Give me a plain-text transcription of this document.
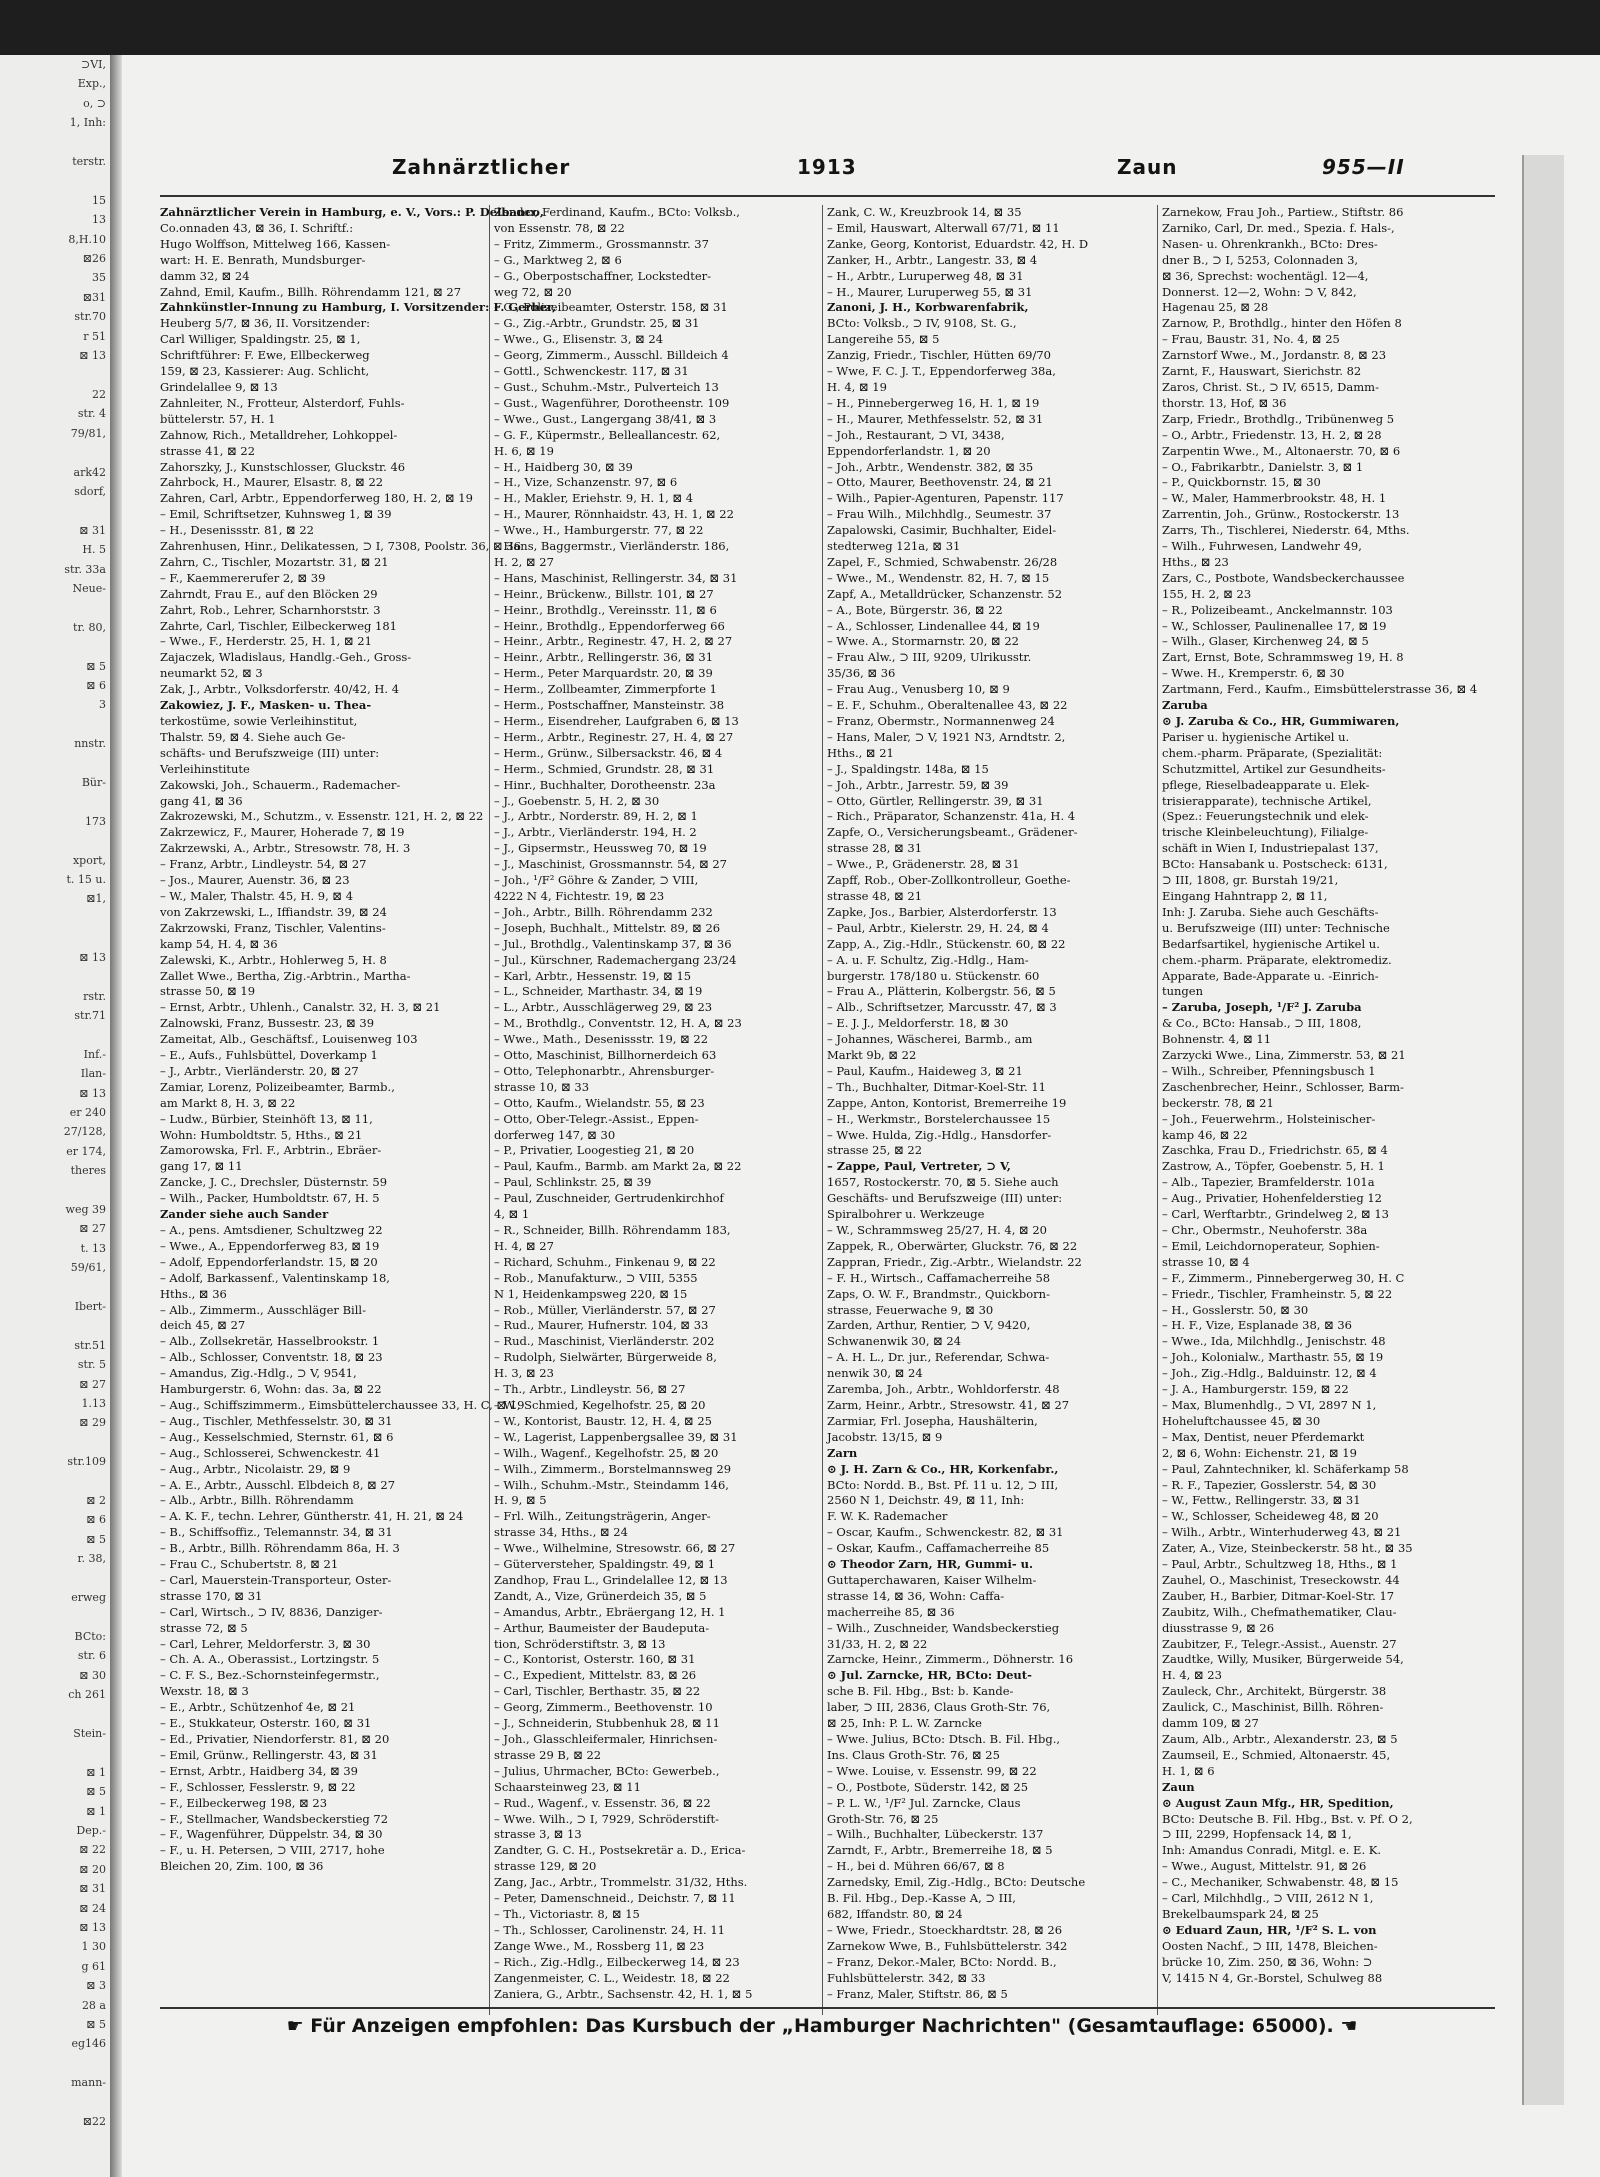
⊃VI,
Exp.,
o, ⊃
1, Inh:

terstr.

15
13
8,H.10
⊠26
35
⊠31
str.70
r 51
⊠ 13

22
str. 4
79/81,

ark42
sdorf,

⊠ 31
H. 5
str. 33a
Neue-

tr. 80,

⊠ 5
⊠ 6
3

nnstr.

Bür-

173

xport,
t. 15 u.
⊠1,

⊠ 13

rstr.
str.71

Inf.-
Ilan-
⊠ 13
er 240
27/128,
er 174,
theres

weg 39
⊠ 27
t. 13
59/61,

Ibert-

str.51
str. 5
⊠ 27
1.13
⊠ 29

str.109

⊠ 2
⊠ 6
⊠ 5
r. 38,

erweg

BCto:
str. 6
⊠ 30
ch 261

Stein-

⊠ 1
⊠ 5
⊠ 1
Dep.-
⊠ 22
⊠ 20
⊠ 31
⊠ 24
⊠ 13
1 30
g 61
⊠ 3
28 a
⊠ 5
eg146

mann-

⊠22
Zahnärztlicher	1913	Zaun	955—II

Zahnärztlicher Verein in Hamburg, e. V., Vors.: P. Delbanco,

Co.onnaden 43, ⊠ 36, I. Schriftf.:

Hugo Wolffson, Mittelweg 166, Kassen-

wart: H. E. Benrath, Mundsburger-

damm 32, ⊠ 24

Zahnd, Emil, Kaufm., Billh. Röhrendamm 121, ⊠ 27

Zahnkünstler-Innung zu Hamburg, I. Vorsitzender: F. Gerber,

Heuberg 5/7, ⊠ 36, II. Vorsitzender:

Carl Williger, Spaldingstr. 25, ⊠ 1,

Schriftführer: F. Ewe, Ellbeckerweg

159, ⊠ 23, Kassierer: Aug. Schlicht,

Grindelallee 9, ⊠ 13

Zahnleiter, N., Frotteur, Alsterdorf, Fuhls-

büttelerstr. 57, H. 1

Zahnow, Rich., Metalldreher, Lohkoppel-

strasse 41, ⊠ 22

Zahorszky, J., Kunstschlosser, Gluckstr. 46

Zahrbock, H., Maurer, Elsastr. 8, ⊠ 22

Zahren, Carl, Arbtr., Eppendorferweg 180, H. 2, ⊠ 19

– Emil, Schriftsetzer, Kuhnsweg 1, ⊠ 39

– H., Desenissstr. 81, ⊠ 22

Zahrenhusen, Hinr., Delikatessen, ⊃ I, 7308, Poolstr. 36, ⊠ 36

Zahrn, C., Tischler, Mozartstr. 31, ⊠ 21

– F., Kaemmererufer 2, ⊠ 39

Zahrndt, Frau E., auf den Blöcken 29

Zahrt, Rob., Lehrer, Scharnhorststr. 3

Zahrte, Carl, Tischler, Eilbeckerweg 181

– Wwe., F., Herderstr. 25, H. 1, ⊠ 21

Zajaczek, Wladislaus, Handlg.-Geh., Gross-

neumarkt 52, ⊠ 3

Zak, J., Arbtr., Volksdorferstr. 40/42, H. 4

Zakowiez, J. F., Masken- u. Thea-

terkostüme, sowie Verleihinstitut,

Thalstr. 59, ⊠ 4. Siehe auch Ge-

schäfts- und Berufszweige (III) unter:

Verleihinstitute

Zakowski, Joh., Schauerm., Rademacher-

gang 41, ⊠ 36

Zakrozewski, M., Schutzm., v. Essenstr. 121, H. 2, ⊠ 22

Zakrzewicz, F., Maurer, Hoherade 7, ⊠ 19

Zakrzewski, A., Arbtr., Stresowstr. 78, H. 3

– Franz, Arbtr., Lindleystr. 54, ⊠ 27

– Jos., Maurer, Auenstr. 36, ⊠ 23

– W., Maler, Thalstr. 45, H. 9, ⊠ 4

von Zakrzewski, L., Iffiandstr. 39, ⊠ 24

Zakrzowski, Franz, Tischler, Valentins-

kamp 54, H. 4, ⊠ 36

Zalewski, K., Arbtr., Hohlerweg 5, H. 8

Zallet Wwe., Bertha, Zig.-Arbtrin., Martha-

strasse 50, ⊠ 19

– Ernst, Arbtr., Uhlenh., Canalstr. 32, H. 3, ⊠ 21

Zalnowski, Franz, Bussestr. 23, ⊠ 39

Zameitat, Alb., Geschäftsf., Louisenweg 103

– E., Aufs., Fuhlsbüttel, Doverkamp 1

– J., Arbtr., Vierländerstr. 20, ⊠ 27

Zamiar, Lorenz, Polizeibeamter, Barmb.,

am Markt 8, H. 3, ⊠ 22

– Ludw., Bürbier, Steinhöft 13, ⊠ 11,

Wohn: Humboldtstr. 5, Hths., ⊠ 21

Zamorowska, Frl. F., Arbtrin., Ebräer-

gang 17, ⊠ 11

Zancke, J. C., Drechsler, Düsternstr. 59

– Wilh., Packer, Humboldtstr. 67, H. 5

Zander siehe auch Sander

– A., pens. Amtsdiener, Schultzweg 22

– Wwe., A., Eppendorferweg 83, ⊠ 19

– Adolf, Eppendorferlandstr. 15, ⊠ 20

– Adolf, Barkassenf., Valentinskamp 18,

Hths., ⊠ 36

– Alb., Zimmerm., Ausschläger Bill-

deich 45, ⊠ 27

– Alb., Zollsekretär, Hasselbrookstr. 1

– Alb., Schlosser, Conventstr. 18, ⊠ 23

– Amandus, Zig.-Hdlg., ⊃ V, 9541,

Hamburgerstr. 6, Wohn: das. 3a, ⊠ 22

– Aug., Schiffszimmerm., Eimsbüttelerchaussee 33, H. C, ⊠ 19

– Aug., Tischler, Methfesselstr. 30, ⊠ 31

– Aug., Kesselschmied, Sternstr. 61, ⊠ 6

– Aug., Schlosserei, Schwenckestr. 41

– Aug., Arbtr., Nicolaistr. 29, ⊠ 9

– A. E., Arbtr., Ausschl. Elbdeich 8, ⊠ 27

– Alb., Arbtr., Billh. Röhrendamm

– A. K. F., techn. Lehrer, Güntherstr. 41, H. 21, ⊠ 24

– B., Schiffsoffiz., Telemannstr. 34, ⊠ 31

– B., Arbtr., Billh. Röhrendamm 86a, H. 3

– Frau C., Schubertstr. 8, ⊠ 21

– Carl, Mauerstein-Transporteur, Oster-

strasse 170, ⊠ 31

– Carl, Wirtsch., ⊃ IV, 8836, Danziger-

strasse 72, ⊠ 5

– Carl, Lehrer, Meldorferstr. 3, ⊠ 30

– Ch. A. A., Oberassist., Lortzingstr. 5

– C. F. S., Bez.-Schornsteinfegermstr.,

Wexstr. 18, ⊠ 3

– E., Arbtr., Schützenhof 4e, ⊠ 21

– E., Stukkateur, Osterstr. 160, ⊠ 31

– Ed., Privatier, Niendorferstr. 81, ⊠ 20

– Emil, Grünw., Rellingerstr. 43, ⊠ 31

– Ernst, Arbtr., Haidberg 34, ⊠ 39

– F., Schlosser, Fesslerstr. 9, ⊠ 22

– F., Eilbeckerweg 198, ⊠ 23

– F., Stellmacher, Wandsbeckerstieg 72

– F., Wagenführer, Düppelstr. 34, ⊠ 30

– F., u. H. Petersen, ⊃ VIII, 2717, hohe

Bleichen 20, Zim. 100, ⊠ 36

Zander, Ferdinand, Kaufm., BCto: Volksb.,

von Essenstr. 78, ⊠ 22

– Fritz, Zimmerm., Grossmannstr. 37

– G., Marktweg 2, ⊠ 6

– G., Oberpostschaffner, Lockstedter-

weg 72, ⊠ 20

– G., Polizeibeamter, Osterstr. 158, ⊠ 31

– G., Zig.-Arbtr., Grundstr. 25, ⊠ 31

– Wwe., G., Elisenstr. 3, ⊠ 24

– Georg, Zimmerm., Ausschl. Billdeich 4

– Gottl., Schwenckestr. 117, ⊠ 31

– Gust., Schuhm.-Mstr., Pulverteich 13

– Gust., Wagenführer, Dorotheenstr. 109

– Wwe., Gust., Langergang 38/41, ⊠ 3

– G. F., Küpermstr., Belleallancestr. 62,

H. 6, ⊠ 19

– H., Haidberg 30, ⊠ 39

– H., Vize, Schanzenstr. 97, ⊠ 6

– H., Makler, Eriehstr. 9, H. 1, ⊠ 4

– H., Maurer, Rönnhaidstr. 43, H. 1, ⊠ 22

– Wwe., H., Hamburgerstr. 77, ⊠ 22

– Hans, Baggermstr., Vierländerstr. 186,

H. 2, ⊠ 27

– Hans, Maschinist, Rellingerstr. 34, ⊠ 31

– Heinr., Brückenw., Billstr. 101, ⊠ 27

– Heinr., Brothdlg., Vereinsstr. 11, ⊠ 6

– Heinr., Brothdlg., Eppendorferweg 66

– Heinr., Arbtr., Reginestr. 47, H. 2, ⊠ 27

– Heinr., Arbtr., Rellingerstr. 36, ⊠ 31

– Herm., Peter Marquardstr. 20, ⊠ 39

– Herm., Zollbeamter, Zimmerpforte 1

– Herm., Postschaffner, Mansteinstr. 38

– Herm., Eisendreher, Laufgraben 6, ⊠ 13

– Herm., Arbtr., Reginestr. 27, H. 4, ⊠ 27

– Herm., Grünw., Silbersackstr. 46, ⊠ 4

– Herm., Schmied, Grundstr. 28, ⊠ 31

– Hinr., Buchhalter, Dorotheenstr. 23a

– J., Goebenstr. 5, H. 2, ⊠ 30

– J., Arbtr., Norderstr. 89, H. 2, ⊠ 1

– J., Arbtr., Vierländerstr. 194, H. 2

– J., Gipsermstr., Heussweg 70, ⊠ 19

– J., Maschinist, Grossmannstr. 54, ⊠ 27

– Joh., ¹/F² Göhre & Zander, ⊃ VIII,

4222 N 4, Fichtestr. 19, ⊠ 23

– Joh., Arbtr., Billh. Röhrendamm 232

– Joseph, Buchhalt., Mittelstr. 89, ⊠ 26

– Jul., Brothdlg., Valentinskamp 37, ⊠ 36

– Jul., Kürschner, Rademachergang 23/24

– Karl, Arbtr., Hessenstr. 19, ⊠ 15

– L., Schneider, Marthastr. 34, ⊠ 19

– L., Arbtr., Ausschlägerweg 29, ⊠ 23

– M., Brothdlg., Conventstr. 12, H. A, ⊠ 23

– Wwe., Math., Desenissstr. 19, ⊠ 22

– Otto, Maschinist, Billhornerdeich 63

– Otto, Telephonarbtr., Ahrensburger-

strasse 10, ⊠ 33

– Otto, Kaufm., Wielandstr. 55, ⊠ 23

– Otto, Ober-Telegr.-Assist., Eppen-

dorferweg 147, ⊠ 30

– P., Privatier, Loogestieg 21, ⊠ 20

– Paul, Kaufm., Barmb. am Markt 2a, ⊠ 22

– Paul, Schlinkstr. 25, ⊠ 39

– Paul, Zuschneider, Gertrudenkirchhof

4, ⊠ 1

– R., Schneider, Billh. Röhrendamm 183,

H. 4, ⊠ 27

– Richard, Schuhm., Finkenau 9, ⊠ 22

– Rob., Manufakturw., ⊃ VIII, 5355

N 1, Heidenkampsweg 220, ⊠ 15

– Rob., Müller, Vierländerstr. 57, ⊠ 27

– Rud., Maurer, Hufnerstr. 104, ⊠ 33

– Rud., Maschinist, Vierländerstr. 202

– Rudolph, Sielwärter, Bürgerweide 8,

H. 3, ⊠ 23

– Th., Arbtr., Lindleystr. 56, ⊠ 27

– W., Schmied, Kegelhofstr. 25, ⊠ 20

– W., Kontorist, Baustr. 12, H. 4, ⊠ 25

– W., Lagerist, Lappenbergsallee 39, ⊠ 31

– Wilh., Wagenf., Kegelhofstr. 25, ⊠ 20

– Wilh., Zimmerm., Borstelmannsweg 29

– Wilh., Schuhm.-Mstr., Steindamm 146,

H. 9, ⊠ 5

– Frl. Wilh., Zeitungsträgerin, Anger-

strasse 34, Hths., ⊠ 24

– Wwe., Wilhelmine, Stresowstr. 66, ⊠ 27

– Güterversteher, Spaldingstr. 49, ⊠ 1

Zandhop, Frau L., Grindelallee 12, ⊠ 13

Zandt, A., Vize, Grünerdeich 35, ⊠ 5

– Amandus, Arbtr., Ebräergang 12, H. 1

– Arthur, Baumeister der Baudeputa-

tion, Schröderstiftstr. 3, ⊠ 13

– C., Kontorist, Osterstr. 160, ⊠ 31

– C., Expedient, Mittelstr. 83, ⊠ 26

– Carl, Tischler, Berthastr. 35, ⊠ 22

– Georg, Zimmerm., Beethovenstr. 10

– J., Schneiderin, Stubbenhuk 28, ⊠ 11

– Joh., Glasschleifermaler, Hinrichsen-

strasse 29 B, ⊠ 22

– Julius, Uhrmacher, BCto: Gewerbeb.,

Schaarsteinweg 23, ⊠ 11

– Rud., Wagenf., v. Essenstr. 36, ⊠ 22

– Wwe. Wilh., ⊃ I, 7929, Schröderstift-

strasse 3, ⊠ 13

Zandter, G. C. H., Postsekretär a. D., Erica-

strasse 129, ⊠ 20

Zang, Jac., Arbtr., Trommelstr. 31/32, Hths.

– Peter, Damenschneid., Deichstr. 7, ⊠ 11

– Th., Victoriastr. 8, ⊠ 15

– Th., Schlosser, Carolinenstr. 24, H. 11

Zange Wwe., M., Rossberg 11, ⊠ 23

– Rich., Zig.-Hdlg., Eilbeckerweg 14, ⊠ 23

Zangenmeister, C. L., Weidestr. 18, ⊠ 22

Zaniera, G., Arbtr., Sachsenstr. 42, H. 1, ⊠ 5

Zank, C. W., Kreuzbrook 14, ⊠ 35

– Emil, Hauswart, Alterwall 67/71, ⊠ 11

Zanke, Georg, Kontorist, Eduardstr. 42, H. D

Zanker, H., Arbtr., Langestr. 33, ⊠ 4

– H., Arbtr., Luruperweg 48, ⊠ 31

– H., Maurer, Luruperweg 55, ⊠ 31

Zanoni, J. H., Korbwarenfabrik,

BCto: Volksb., ⊃ IV, 9108, St. G.,

Langereihe 55, ⊠ 5

Zanzig, Friedr., Tischler, Hütten 69/70

– Wwe, F. C. J. T., Eppendorferweg 38a,

H. 4, ⊠ 19

– H., Pinnebergerweg 16, H. 1, ⊠ 19

– H., Maurer, Methfesselstr. 52, ⊠ 31

– Joh., Restaurant, ⊃ VI, 3438,

Eppendorferlandstr. 1, ⊠ 20

– Joh., Arbtr., Wendenstr. 382, ⊠ 35

– Otto, Maurer, Beethovenstr. 24, ⊠ 21

– Wilh., Papier-Agenturen, Papenstr. 117

– Frau Wilh., Milchhdlg., Seumestr. 37

Zapalowski, Casimir, Buchhalter, Eidel-

stedterweg 121a, ⊠ 31

Zapel, F., Schmied, Schwabenstr. 26/28

– Wwe., M., Wendenstr. 82, H. 7, ⊠ 15

Zapf, A., Metalldrücker, Schanzenstr. 52

– A., Bote, Bürgerstr. 36, ⊠ 22

– A., Schlosser, Lindenallee 44, ⊠ 19

– Wwe. A., Stormarnstr. 20, ⊠ 22

– Frau Alw., ⊃ III, 9209, Ulrikusstr.

35/36, ⊠ 36

– Frau Aug., Venusberg 10, ⊠ 9

– E. F., Schuhm., Oberaltenallee 43, ⊠ 22

– Franz, Obermstr., Normannenweg 24

– Hans, Maler, ⊃ V, 1921 N3, Arndtstr. 2,

Hths., ⊠ 21

– J., Spaldingstr. 148a, ⊠ 15

– Joh., Arbtr., Jarrestr. 59, ⊠ 39

– Otto, Gürtler, Rellingerstr. 39, ⊠ 31

– Rich., Präparator, Schanzenstr. 41a, H. 4

Zapfe, O., Versicherungsbeamt., Grädener-

strasse 28, ⊠ 31

– Wwe., P., Grädenerstr. 28, ⊠ 31

Zapff, Rob., Ober-Zollkontrolleur, Goethe-

strasse 48, ⊠ 21

Zapke, Jos., Barbier, Alsterdorferstr. 13

– Paul, Arbtr., Kielerstr. 29, H. 24, ⊠ 4

Zapp, A., Zig.-Hdlr., Stückenstr. 60, ⊠ 22

– A. u. F. Schultz, Zig.-Hdlg., Ham-

burgerstr. 178/180 u. Stückenstr. 60

– Frau A., Plätterin, Kolbergstr. 56, ⊠ 5

– Alb., Schriftsetzer, Marcusstr. 47, ⊠ 3

– E. J. J., Meldorferstr. 18, ⊠ 30

– Johannes, Wäscherei, Barmb., am

Markt 9b, ⊠ 22

– Paul, Kaufm., Haideweg 3, ⊠ 21

– Th., Buchhalter, Ditmar-Koel-Str. 11

Zappe, Anton, Kontorist, Bremerreihe 19

– H., Werkmstr., Borstelerchaussee 15

– Wwe. Hulda, Zig.-Hdlg., Hansdorfer-

strasse 25, ⊠ 22

– Zappe, Paul, Vertreter, ⊃ V,

1657, Rostockerstr. 70, ⊠ 5. Siehe auch

Geschäfts- und Berufszweige (III) unter:

Spiralbohrer u. Werkzeuge

– W., Schrammsweg 25/27, H. 4, ⊠ 20

Zappek, R., Oberwärter, Gluckstr. 76, ⊠ 22

Zappran, Friedr., Zig.-Arbtr., Wielandstr. 22

– F. H., Wirtsch., Caffamacherreihe 58

Zaps, O. W. F., Brandmstr., Quickborn-

strasse, Feuerwache 9, ⊠ 30

Zarden, Arthur, Rentier, ⊃ V, 9420,

Schwanenwik 30, ⊠ 24

– A. H. L., Dr. jur., Referendar, Schwa-

nenwik 30, ⊠ 24

Zaremba, Joh., Arbtr., Wohldorferstr. 48

Zarm, Heinr., Arbtr., Stresowstr. 41, ⊠ 27

Zarmiar, Frl. Josepha, Haushälterin,

Jacobstr. 13/15, ⊠ 9

Zarn

⊙ J. H. Zarn & Co., HR, Korkenfabr.,

BCto: Nordd. B., Bst. Pf. 11 u. 12, ⊃ III,

2560 N 1, Deichstr. 49, ⊠ 11, Inh:

F. W. K. Rademacher

– Oscar, Kaufm., Schwenckestr. 82, ⊠ 31

– Oskar, Kaufm., Caffamacherreihe 85

⊙ Theodor Zarn, HR, Gummi- u.

Guttaperchawaren, Kaiser Wilhelm-

strasse 14, ⊠ 36, Wohn: Caffa-

macherreihe 85, ⊠ 36

– Wilh., Zuschneider, Wandsbeckerstieg

31/33, H. 2, ⊠ 22

Zarncke, Heinr., Zimmerm., Döhnerstr. 16

⊙ Jul. Zarncke, HR, BCto: Deut-

sche B. Fil. Hbg., Bst: b. Kande-

laber, ⊃ III, 2836, Claus Groth-Str. 76,

⊠ 25, Inh: P. L. W. Zarncke

– Wwe. Julius, BCto: Dtsch. B. Fil. Hbg.,

Ins. Claus Groth-Str. 76, ⊠ 25

– Wwe. Louise, v. Essenstr. 99, ⊠ 22

– O., Postbote, Süderstr. 142, ⊠ 25

– P. L. W., ¹/F² Jul. Zarncke, Claus

Groth-Str. 76, ⊠ 25

– Wilh., Buchhalter, Lübeckerstr. 137

Zarndt, F., Arbtr., Bremerreihe 18, ⊠ 5

– H., bei d. Mühren 66/67, ⊠ 8

Zarnedsky, Emil, Zig.-Hdlg., BCto: Deutsche

B. Fil. Hbg., Dep.-Kasse A, ⊃ III,

682, Iffandstr. 80, ⊠ 24

– Wwe, Friedr., Stoeckhardtstr. 28, ⊠ 26

Zarnekow Wwe, B., Fuhlsbüttelerstr. 342

– Franz, Dekor.-Maler, BCto: Nordd. B.,

Fuhlsbüttelerstr. 342, ⊠ 33

– Franz, Maler, Stiftstr. 86, ⊠ 5

Zarnekow, Frau Joh., Partiew., Stiftstr. 86

Zarniko, Carl, Dr. med., Spezia. f. Hals-,

Nasen- u. Ohrenkrankh., BCto: Dres-

dner B., ⊃ I, 5253, Colonnaden 3,

⊠ 36, Sprechst: wochentägl. 12—4,

Donnerst. 12—2, Wohn: ⊃ V, 842,

Hagenau 25, ⊠ 28

Zarnow, P., Brothdlg., hinter den Höfen 8

– Frau, Baustr. 31, No. 4, ⊠ 25

Zarnstorf Wwe., M., Jordanstr. 8, ⊠ 23

Zarnt, F., Hauswart, Sierichstr. 82

Zaros, Christ. St., ⊃ IV, 6515, Damm-

thorstr. 13, Hof, ⊠ 36

Zarp, Friedr., Brothdlg., Tribünenweg 5

– O., Arbtr., Friedenstr. 13, H. 2, ⊠ 28

Zarpentin Wwe., M., Altonaerstr. 70, ⊠ 6

– O., Fabrikarbtr., Danielstr. 3, ⊠ 1

– P., Quickbornstr. 15, ⊠ 30

– W., Maler, Hammerbrookstr. 48, H. 1

Zarrentin, Joh., Grünw., Rostockerstr. 13

Zarrs, Th., Tischlerei, Niederstr. 64, Mths.

– Wilh., Fuhrwesen, Landwehr 49,

Hths., ⊠ 23

Zars, C., Postbote, Wandsbeckerchaussee

155, H. 2, ⊠ 23

– R., Polizeibeamt., Anckelmannstr. 103

– W., Schlosser, Paulinenallee 17, ⊠ 19

– Wilh., Glaser, Kirchenweg 24, ⊠ 5

Zart, Ernst, Bote, Schrammsweg 19, H. 8

– Wwe. H., Kremperstr. 6, ⊠ 30

Zartmann, Ferd., Kaufm., Eimsbüttelerstrasse 36, ⊠ 4

Zaruba

⊙ J. Zaruba & Co., HR, Gummiwaren,

Pariser u. hygienische Artikel u.

chem.-pharm. Präparate, (Spezialität:

Schutzmittel, Artikel zur Gesundheits-

pflege, Rieselbadeapparate u. Elek-

trisierapparate), technische Artikel,

(Spez.: Feuerungstechnik und elek-

trische Kleinbeleuchtung), Filialge-

schäft in Wien I, Industriepalast 137,

BCto: Hansabank u. Postscheck: 6131,

⊃ III, 1808, gr. Burstah 19/21,

Eingang Hahntrapp 2, ⊠ 11,

Inh: J. Zaruba. Siehe auch Geschäfts-

u. Berufszweige (III) unter: Technische

Bedarfsartikel, hygienische Artikel u.

chem.-pharm. Präparate, elektromediz.

Apparate, Bade-Apparate u. -Einrich-

tungen

– Zaruba, Joseph, ¹/F² J. Zaruba

& Co., BCto: Hansab., ⊃ III, 1808,

Bohnenstr. 4, ⊠ 11

Zarzycki Wwe., Lina, Zimmerstr. 53, ⊠ 21

– Wilh., Schreiber, Pfenningsbusch 1

Zaschenbrecher, Heinr., Schlosser, Barm-

beckerstr. 78, ⊠ 21

– Joh., Feuerwehrm., Holsteinischer-

kamp 46, ⊠ 22

Zaschka, Frau D., Friedrichstr. 65, ⊠ 4

Zastrow, A., Töpfer, Goebenstr. 5, H. 1

– Alb., Tapezier, Bramfelderstr. 101a

– Aug., Privatier, Hohenfelderstieg 12

– Carl, Werftarbtr., Grindelweg 2, ⊠ 13

– Chr., Obermstr., Neuhoferstr. 38a

– Emil, Leichdornoperateur, Sophien-

strasse 10, ⊠ 4

– F., Zimmerm., Pinnebergerweg 30, H. C

– Friedr., Tischler, Framheinstr. 5, ⊠ 22

– H., Gosslerstr. 50, ⊠ 30

– H. F., Vize, Esplanade 38, ⊠ 36

– Wwe., Ida, Milchhdlg., Jenischstr. 48

– Joh., Kolonialw., Marthastr. 55, ⊠ 19

– Joh., Zig.-Hdlg., Balduinstr. 12, ⊠ 4

– J. A., Hamburgerstr. 159, ⊠ 22

– Max, Blumenhdlg., ⊃ VI, 2897 N 1,

Hoheluftchaussee 45, ⊠ 30

– Max, Dentist, neuer Pferdemarkt

2, ⊠ 6, Wohn: Eichenstr. 21, ⊠ 19

– Paul, Zahntechniker, kl. Schäferkamp 58

– R. F., Tapezier, Gosslerstr. 54, ⊠ 30

– W., Fettw., Rellingerstr. 33, ⊠ 31

– W., Schlosser, Scheideweg 48, ⊠ 20

– Wilh., Arbtr., Winterhuderweg 43, ⊠ 21

Zater, A., Vize, Steinbeckerstr. 58 ht., ⊠ 35

– Paul, Arbtr., Schultzweg 18, Hths., ⊠ 1

Zauhel, O., Maschinist, Treseckowstr. 44

Zauber, H., Barbier, Ditmar-Koel-Str. 17

Zaubitz, Wilh., Chefmathematiker, Clau-

diusstrasse 9, ⊠ 26

Zaubitzer, F., Telegr.-Assist., Auenstr. 27

Zaudtke, Willy, Musiker, Bürgerweide 54,

H. 4, ⊠ 23

Zauleck, Chr., Architekt, Bürgerstr. 38

Zaulick, C., Maschinist, Billh. Röhren-

damm 109, ⊠ 27

Zaum, Alb., Arbtr., Alexanderstr. 23, ⊠ 5

Zaumseil, E., Schmied, Altonaerstr. 45,

H. 1, ⊠ 6

Zaun

⊙ August Zaun Mfg., HR, Spedition,

BCto: Deutsche B. Fil. Hbg., Bst. v. Pf. O 2,

⊃ III, 2299, Hopfensack 14, ⊠ 1,

Inh: Amandus Conradi, Mitgl. e. E. K.

– Wwe., August, Mittelstr. 91, ⊠ 26

– C., Mechaniker, Schwabenstr. 48, ⊠ 15

– Carl, Milchhdlg., ⊃ VIII, 2612 N 1,

Brekelbaumspark 24, ⊠ 25

⊙ Eduard Zaun, HR, ¹/F² S. L. von

Oosten Nachf., ⊃ III, 1478, Bleichen-

brücke 10, Zim. 250, ⊠ 36, Wohn: ⊃

V, 1415 N 4, Gr.-Borstel, Schulweg 88

☛ Für Anzeigen empfohlen: Das Kursbuch der „Hamburger Nachrichten" (Gesamtauflage: 65000). ☚
